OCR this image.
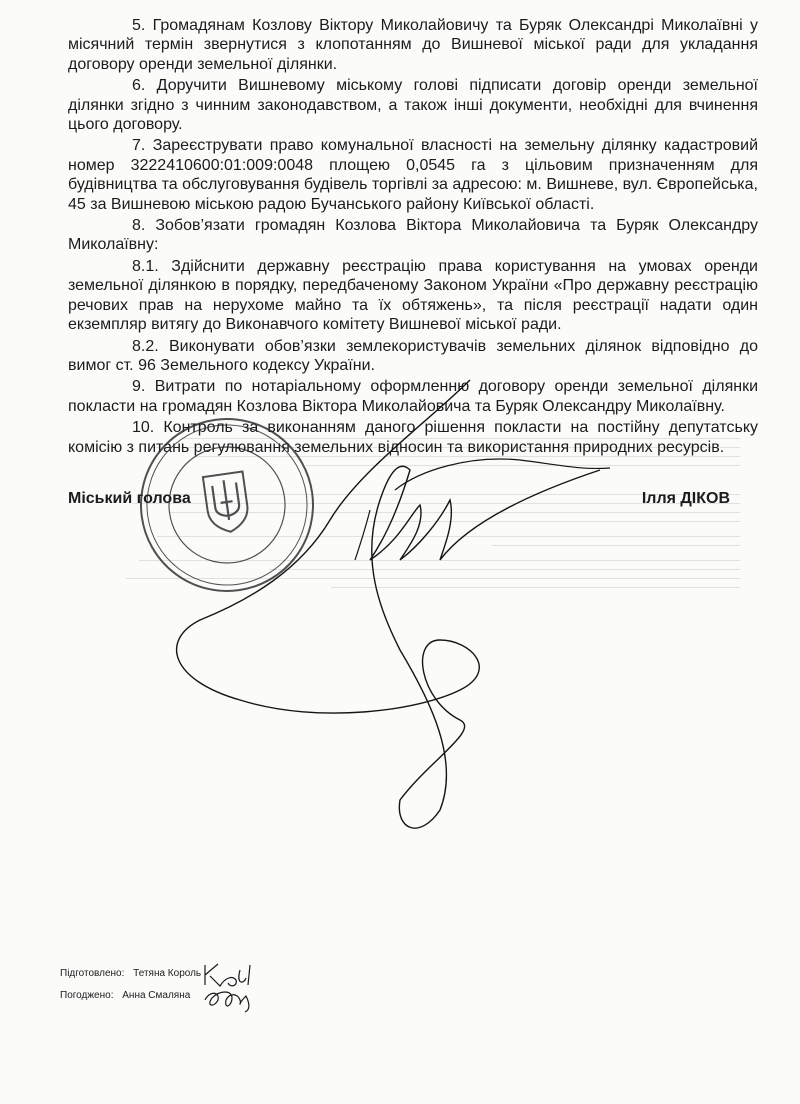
5. Громадянам Козлову Віктору Миколайовичу та Буряк Олександрі Миколаївні у місячний термін звернутися з клопотанням до Вишневої міської ради для укладання договору оренди земельної ділянки.

6. Доручити Вишневому міському голові підписати договір оренди земельної ділянки згідно з чинним законодавством, а також інші документи, необхідні для вчинення цього договору.

7. Зареєструвати право комунальної власності на земельну ділянку кадастровий номер 3222410600:01:009:0048 площею 0,0545 га з цільовим призначенням для будівництва та обслуговування будівель торгівлі за адресою: м. Вишневе, вул. Європейська, 45 за Вишневою міською радою Бучанського району Київської області.

8. Зобов’язати громадян Козлова Віктора Миколайовича та Буряк Олександру Миколаївну:

8.1. Здійснити державну реєстрацію права користування на умовах оренди земельної ділянкою в порядку, передбаченому Законом України «Про державну реєстрацію речових прав на нерухоме майно та їх обтяжень», та після реєстрації надати один екземпляр витягу до Виконавчого комітету Вишневої міської ради.

8.2. Виконувати обов’язки землекористувачів земельних ділянок відповідно до вимог ст. 96 Земельного кодексу України.

9. Витрати по нотаріальному оформленню договору оренди земельної ділянки покласти на громадян Козлова Віктора Миколайовича та Буряк Олександру Миколаївну.

10. Контроль за виконанням даного рішення покласти на постійну депутатську комісію з питань регулювання земельних відносин та використання природних ресурсів.

Міський голова	Ілля ДІКОВ
Підготовлено: Тетяна Король
Погоджено: Анна Смаляна
